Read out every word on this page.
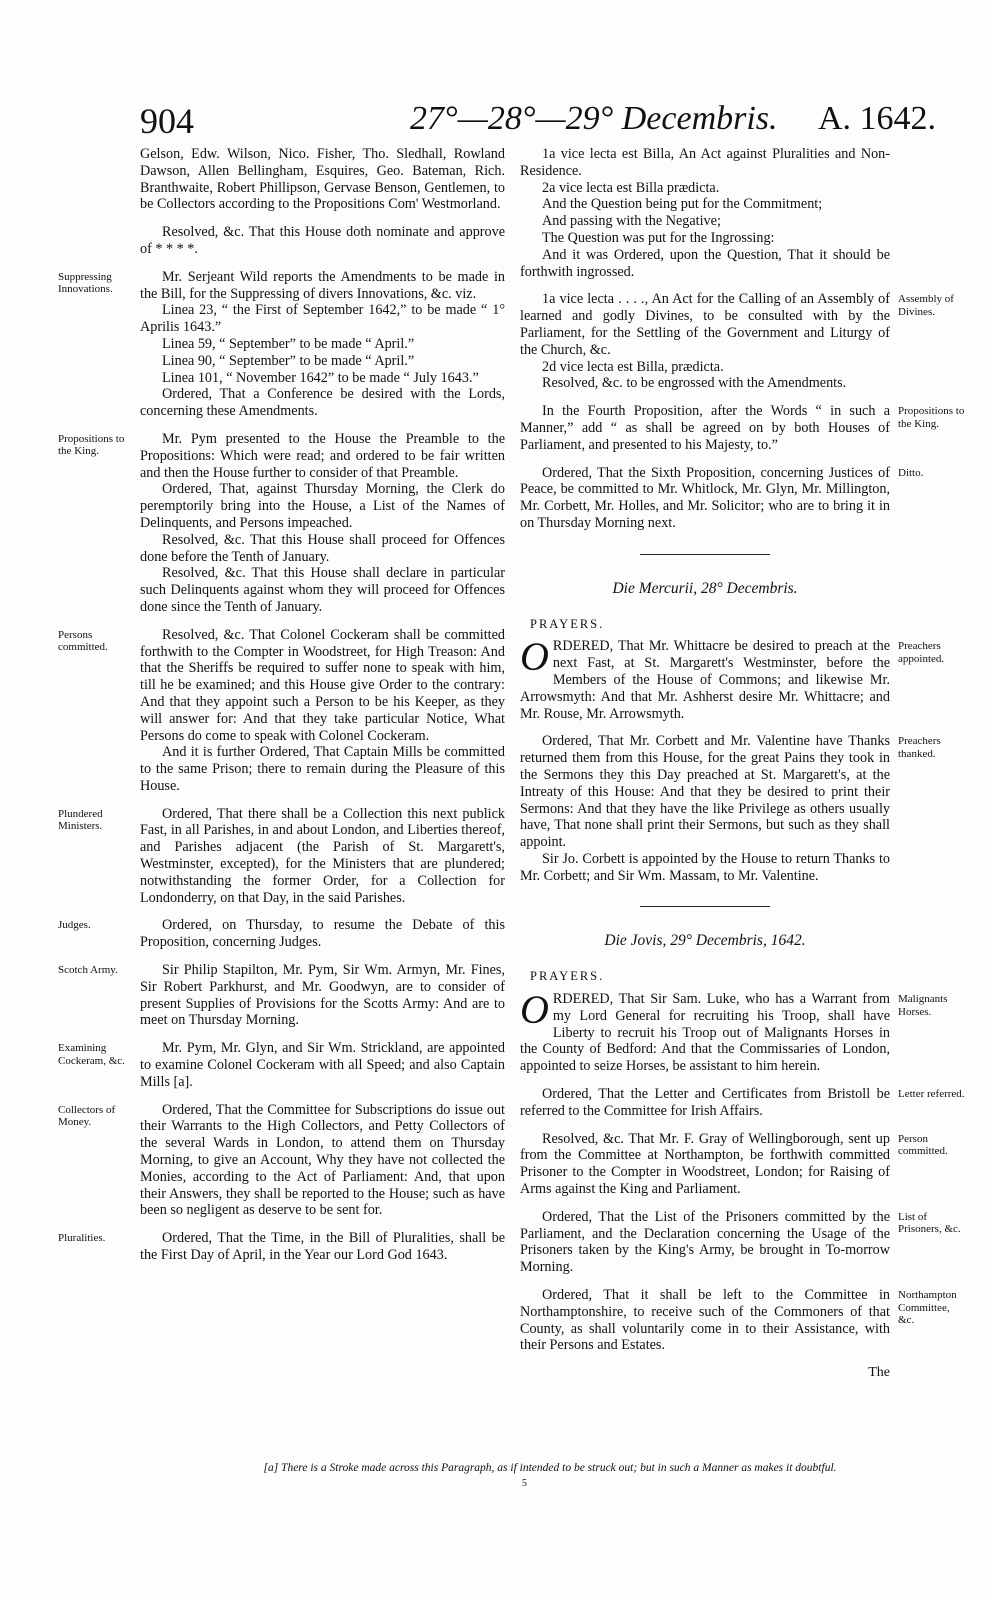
904	27°—28°—29° Decembris. A. 1642.

Gelson, Edw. Wilson, Nico. Fisher, Tho. Sledhall, Rowland Dawson, Allen Bellingham, Esquires, Geo. Bateman, Rich. Branthwaite, Robert Phillipson, Gervase Benson, Gentlemen, to be Collectors according to the Propositions Com' Westmorland.

Resolved, &c. That this House doth nominate and approve of * * * *.

Suppressing Innovations.

Mr. Serjeant Wild reports the Amendments to be made in the Bill, for the Suppressing of divers Innovations, &c. viz.

Linea 23, “ the First of September 1642,” to be made “ 1° Aprilis 1643.”

Linea 59, “ September” to be made “ April.”

Linea 90, “ September” to be made “ April.”

Linea 101, “ November 1642” to be made “ July 1643.”

Ordered, That a Conference be desired with the Lords, concerning these Amendments.

Propositions to the King.

Mr. Pym presented to the House the Preamble to the Propositions: Which were read; and ordered to be fair written and then the House further to consider of that Preamble.

Ordered, That, against Thursday Morning, the Clerk do peremptorily bring into the House, a List of the Names of Delinquents, and Persons impeached.

Resolved, &c. That this House shall proceed for Offences done before the Tenth of January.

Resolved, &c. That this House shall declare in particular such Delinquents against whom they will proceed for Offences done since the Tenth of January.

Persons committed.

Resolved, &c. That Colonel Cockeram shall be committed forthwith to the Compter in Woodstreet, for High Treason: And that the Sheriffs be required to suffer none to speak with him, till he be examined; and this House give Order to the contrary: And that they appoint such a Person to be his Keeper, as they will answer for: And that they take particular Notice, What Persons do come to speak with Colonel Cockeram.

And it is further Ordered, That Captain Mills be committed to the same Prison; there to remain during the Pleasure of this House.

Plundered Ministers.

Ordered, That there shall be a Collection this next publick Fast, in all Parishes, in and about London, and Liberties thereof, and Parishes adjacent (the Parish of St. Margarett's, Westminster, excepted), for the Ministers that are plundered; notwithstanding the former Order, for a Collection for Londonderry, on that Day, in the said Parishes.

Judges.	Ordered, on Thursday, to resume the Debate of this Proposition, concerning Judges.

Scotch Army.	Sir Philip Stapilton, Mr. Pym, Sir Wm. Armyn, Mr. Fines, Sir Robert Parkhurst, and Mr. Goodwyn, are to consider of present Supplies of Provisions for the Scotts Army: And are to meet on Thursday Morning.

Examining Cockeram, &c.

Mr. Pym, Mr. Glyn, and Sir Wm. Strickland, are appointed to examine Colonel Cockeram with all Speed; and also Captain Mills [a].

Collectors of Money.

Ordered, That the Committee for Subscriptions do issue out their Warrants to the High Collectors, and Petty Collectors of the several Wards in London, to attend them on Thursday Morning, to give an Account, Why they have not collected the Monies, according to the Act of Parliament: And, that upon their Answers, they shall be reported to the House; such as have been so negligent as deserve to be sent for.

Pluralities.	Ordered, That the Time, in the Bill of Pluralities, shall be the First Day of April, in the Year our Lord God 1643.

1a vice lecta est Billa, An Act against Pluralities and Non-Residence.

2a vice lecta est Billa prædicta.

And the Question being put for the Commitment;

And passing with the Negative;

The Question was put for the Ingrossing:

And it was Ordered, upon the Question, That it should be forthwith ingrossed.

Assembly of Divines.

1a vice lecta . . . ., An Act for the Calling of an Assembly of learned and godly Divines, to be consulted with by the Parliament, for the Settling of the Government and Liturgy of the Church, &c.

2d vice lecta est Billa, prædicta.

Resolved, &c. to be engrossed with the Amendments.

Propositions to the King.

In the Fourth Proposition, after the Words “ in such a Manner,” add “ as shall be agreed on by both Houses of Parliament, and presented to his Majesty, to.”

Ditto.

Ordered, That the Sixth Proposition, concerning Justices of Peace, be committed to Mr. Whitlock, Mr. Glyn, Mr. Millington, Mr. Corbett, Mr. Holles, and Mr. Solicitor; who are to bring it in on Thursday Morning next.

Die Mercurii, 28° Decembris.
PRAYERS.
Preachers appointed.

ORDERED, That Mr. Whittacre be desired to preach at the next Fast, at St. Margarett's Westminster, before the Members of the House of Commons; and likewise Mr. Arrowsmyth: And that Mr. Ashherst desire Mr. Whittacre; and Mr. Rouse, Mr. Arrowsmyth.

Preachers thanked.

Ordered, That Mr. Corbett and Mr. Valentine have Thanks returned them from this House, for the great Pains they took in the Sermons they this Day preached at St. Margarett's, at the Intreaty of this House: And that they be desired to print their Sermons: And that they have the like Privilege as others usually have, That none shall print their Sermons, but such as they shall appoint.

Sir Jo. Corbett is appointed by the House to return Thanks to Mr. Corbett; and Sir Wm. Massam, to Mr. Valentine.

Die Jovis, 29° Decembris, 1642.
PRAYERS.
Malignants Horses.

ORDERED, That Sir Sam. Luke, who has a Warrant from my Lord General for recruiting his Troop, shall have Liberty to recruit his Troop out of Malignants Horses in the County of Bedford: And that the Commissaries of London, appointed to seize Horses, be assistant to him herein.

Letter referred.

Ordered, That the Letter and Certificates from Bristoll be referred to the Committee for Irish Affairs.

Person committed.

Resolved, &c. That Mr. F. Gray of Wellingborough, sent up from the Committee at Northampton, be forthwith committed Prisoner to the Compter in Woodstreet, London; for Raising of Arms against the King and Parliament.

List of Prisoners, &c.

Ordered, That the List of the Prisoners committed by the Parliament, and the Declaration concerning the Usage of the Prisoners taken by the King's Army, be brought in To-morrow Morning.

Northampton Committee, &c.

Ordered, That it shall be left to the Committee in Northamptonshire, to receive such of the Commoners of that County, as shall voluntarily come in to their Assistance, with their Persons and Estates.

The
[a] There is a Stroke made across this Paragraph, as if intended to be struck out; but in such a Manner as makes it doubtful.
5
